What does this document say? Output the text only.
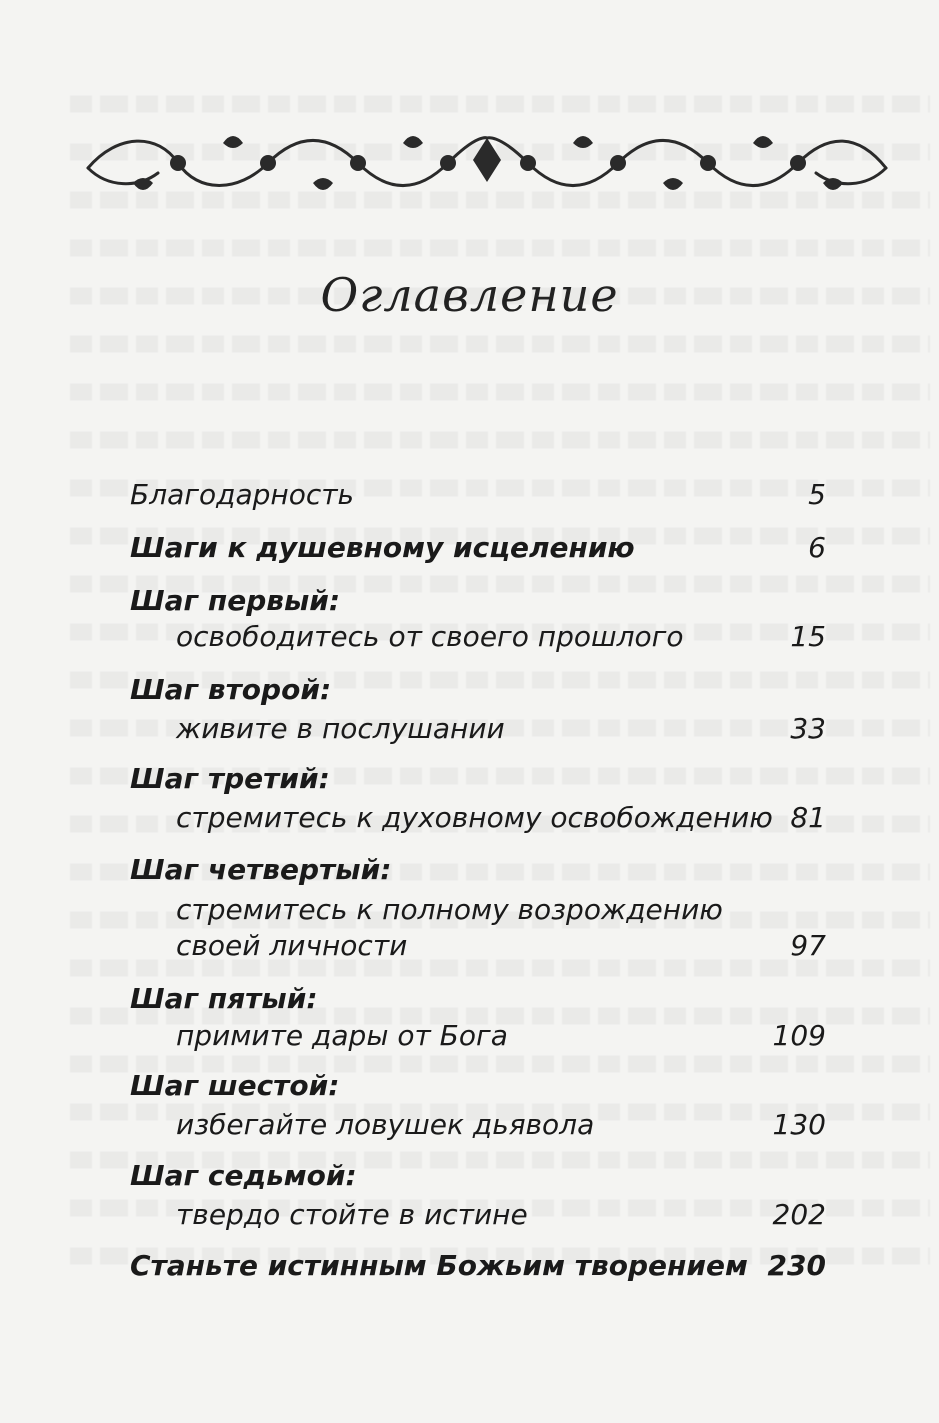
Оглавление
Благодарность	5
Шаги к душевному исцелению	6
Шаг первый:
освободитесь от своего прошлого	15
Шаг второй:
живите в послушании	33
Шаг третий:
стремитесь к духовному освобождению 81
Шаг четвертый:
стремитесь к полному возрождению
своей личности	97
Шаг пятый:
примите дары от Бога	109
Шаг шестой:
избегайте ловушек дьявола	130
Шаг седьмой:
твердо стойте в истине	202
Станьте истинным Божьим творением 230
